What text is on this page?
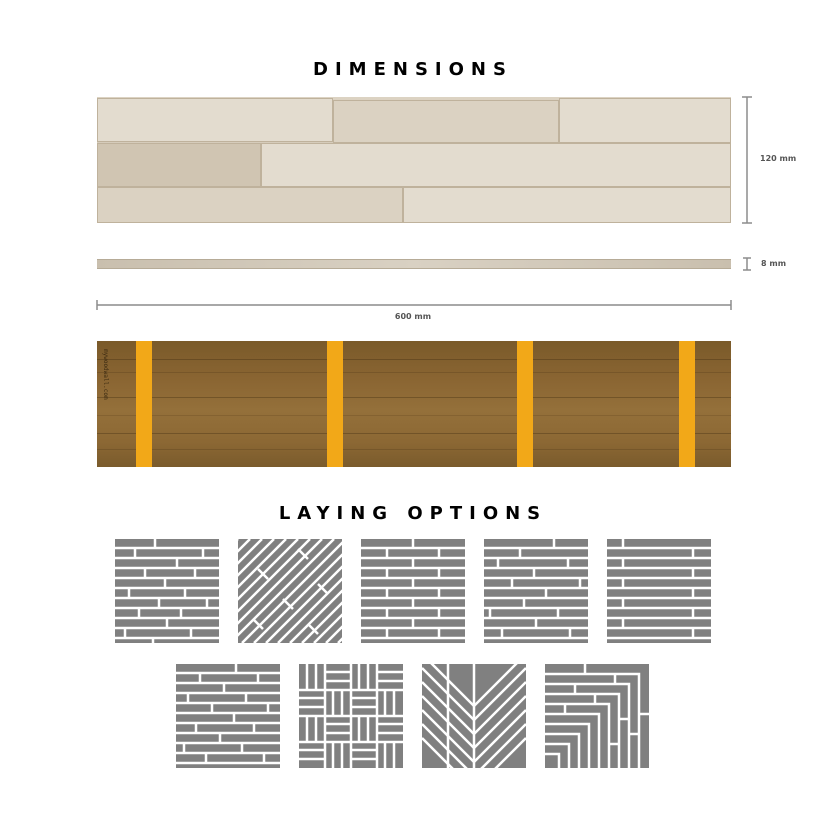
DIMENSIONS
120 mm
8 mm
600 mm
mywoodwall.com
LAYING OPTIONS
